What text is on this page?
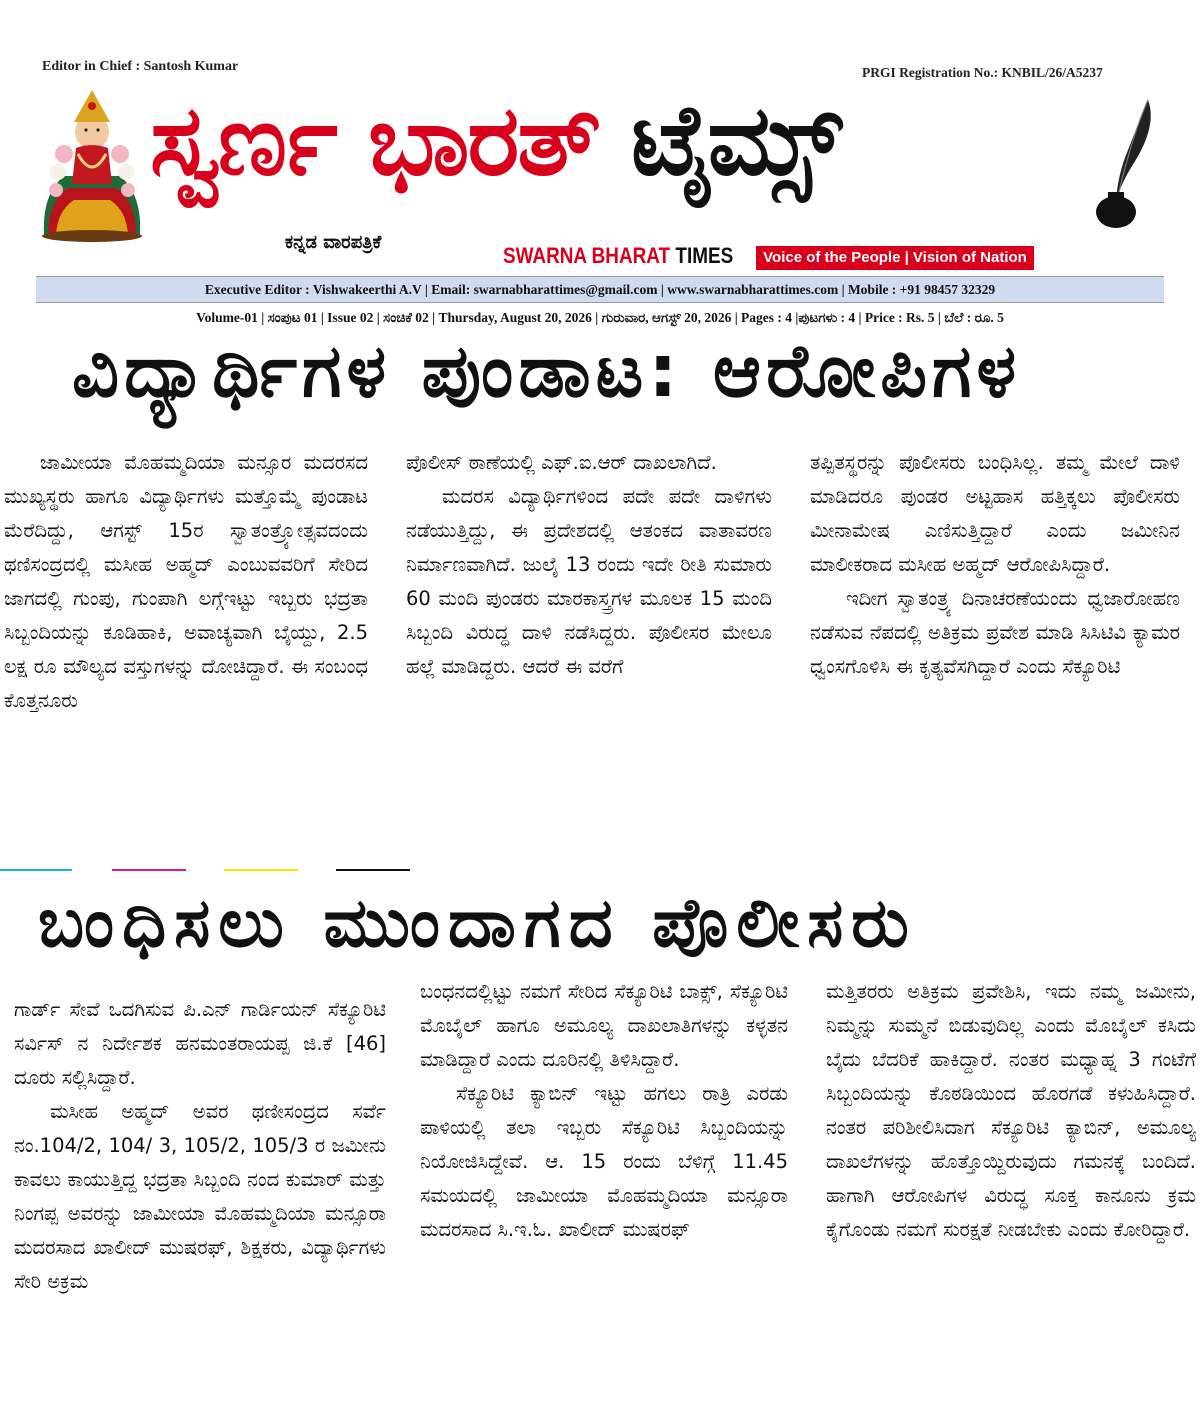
Editor in Chief : Santosh Kumar	PRGI Registration No.: KNBIL/26/A5237
ಸ್ವರ್ಣ ಭಾರತ್ ಟೈಮ್ಸ್
ಕನ್ನಡ ವಾರಪತ್ರಿಕೆ
SWARNA BHARAT TIMES	Voice of the People | Vision of Nation
Executive Editor : Vishwakeerthi A.V | Email: swarnabharattimes@gmail.com | www.swarnabharattimes.com | Mobile : +91 98457 32329
Volume-01 | ಸಂಪುಟ 01 | Issue 02 | ಸಂಚಿಕೆ 02 | Thursday, August 20, 2026 | ಗುರುವಾರ, ಆಗಸ್ಟ್ 20, 2026 | Pages : 4 |ಪುಟಗಳು : 4 | Price : Rs. 5 | ಬೆಲೆ : ರೂ. 5
ವಿದ್ಯಾರ್ಥಿಗಳ ಪುಂಡಾಟ: ಆರೋಪಿಗಳ

ಜಾಮೀಯಾ ಮೊಹಮ್ಮದಿಯಾ ಮನ್ಸೂರ ಮದರಸದ ಮುಖ್ಯಸ್ಥರು ಹಾಗೂ ವಿದ್ಯಾರ್ಥಿಗಳು ಮತ್ತೊಮ್ಮೆ ಪುಂಡಾಟ ಮೆರೆದಿದ್ದು, ಆಗಸ್ಟ್ 15ರ ಸ್ವಾತಂತ್ರ್ಯೋತ್ಸವದಂದು ಥಣಿಸಂದ್ರದಲ್ಲಿ ಮಸೀಹ ಅಹ್ಮದ್ ಎಂಬುವವರಿಗೆ ಸೇರಿದ ಜಾಗದಲ್ಲಿ ಗುಂಪು, ಗುಂಪಾಗಿ ಲಗ್ಗೆಇಟ್ಟು ಇಬ್ಬರು ಭದ್ರತಾ ಸಿಬ್ಬಂದಿಯನ್ನು ಕೂಡಿಹಾಕಿ, ಅವಾಚ್ಯವಾಗಿ ಬೈಯ್ದು, 2.5 ಲಕ್ಷ ರೂ ಮೌಲ್ಯದ ವಸ್ತುಗಳನ್ನು ದೋಚಿದ್ದಾರೆ. ಈ ಸಂಬಂಧ ಕೊತ್ತನೂರು

ಪೊಲೀಸ್ ಠಾಣೆಯಲ್ಲಿ ಎಫ್.ಐ.ಆರ್ ದಾಖಲಾಗಿದೆ.

ಮದರಸ ವಿದ್ಯಾರ್ಥಿಗಳಿಂದ ಪದೇ ಪದೇ ದಾಳಿಗಳು ನಡೆಯುತ್ತಿದ್ದು, ಈ ಪ್ರದೇಶದಲ್ಲಿ ಆತಂಕದ ವಾತಾವರಣ ನಿರ್ಮಾಣವಾಗಿದೆ. ಜುಲೈ 13 ರಂದು ಇದೇ ರೀತಿ ಸುಮಾರು 60 ಮಂದಿ ಪುಂಡರು ಮಾರಕಾಸ್ತ್ರಗಳ ಮೂಲಕ 15 ಮಂದಿ ಸಿಬ್ಬಂದಿ ವಿರುದ್ಧ ದಾಳಿ ನಡೆಸಿದ್ದರು. ಪೊಲೀಸರ ಮೇಲೂ ಹಲ್ಲೆ ಮಾಡಿದ್ದರು. ಆದರೆ ಈ ವರೆಗೆ

ತಪ್ಪಿತಸ್ಥರನ್ನು ಪೊಲೀಸರು ಬಂಧಿಸಿಲ್ಲ. ತಮ್ಮ ಮೇಲೆ ದಾಳಿ ಮಾಡಿದರೂ ಪುಂಡರ ಅಟ್ಟಹಾಸ ಹತ್ತಿಕ್ಕಲು ಪೊಲೀಸರು ಮೀನಾಮೇಷ ಎಣಿಸುತ್ತಿದ್ದಾರೆ ಎಂದು ಜಮೀನಿನ ಮಾಲೀಕರಾದ ಮಸೀಹ ಅಹ್ಮದ್ ಆರೋಪಿಸಿದ್ದಾರೆ.

ಇದೀಗ ಸ್ವಾತಂತ್ರ್ಯ ದಿನಾಚರಣೆಯಂದು ಧ್ವಜಾರೋಹಣ ನಡೆಸುವ ನೆಪದಲ್ಲಿ ಅತಿಕ್ರಮ ಪ್ರವೇಶ ಮಾಡಿ ಸಿಸಿಟಿವಿ ಕ್ಯಾಮರ ಧ್ವಂಸಗೊಳಿಸಿ ಈ ಕೃತ್ಯವೆಸಗಿದ್ದಾರೆ ಎಂದು ಸೆಕ್ಯೂರಿಟಿ

ಬಂಧಿಸಲು ಮುಂದಾಗದ ಪೊಲೀಸರು

ಗಾರ್ಡ್ ಸೇವೆ ಒದಗಿಸುವ ಪಿ.ಎನ್ ಗಾರ್ಡಿಯನ್ ಸೆಕ್ಯೂರಿಟಿ ಸರ್ವಿಸ್ ನ ನಿರ್ದೇಶಕ ಹನಮಂತರಾಯಪ್ಪ ಜಿ.ಕೆ [46] ದೂರು ಸಲ್ಲಿಸಿದ್ದಾರೆ.

ಮಸೀಹ ಅಹ್ಮದ್ ಅವರ ಥಣೀಸಂದ್ರದ ಸರ್ವೆ ನಂ.104/2, 104/ 3, 105/2, 105/3 ರ ಜಮೀನು ಕಾವಲು ಕಾಯುತ್ತಿದ್ದ ಭದ್ರತಾ ಸಿಬ್ಬಂದಿ ನಂದ ಕುಮಾರ್ ಮತ್ತು ನಿಂಗಪ್ಪ ಅವರನ್ನು ಜಾಮೀಯಾ ಮೊಹಮ್ಮದಿಯಾ ಮನ್ಸೂರಾ ಮದರಸಾದ ಖಾಲೀದ್ ಮುಷರಫ್, ಶಿಕ್ಷಕರು, ವಿದ್ಯಾರ್ಥಿಗಳು ಸೇರಿ ಅಕ್ರಮ

ಬಂಧನದಲ್ಲಿಟ್ಟು ನಮಗೆ ಸೇರಿದ ಸೆಕ್ಯೂರಿಟಿ ಬಾಕ್ಸ್, ಸೆಕ್ಯೂರಿಟಿ ಮೊಬೈಲ್ ಹಾಗೂ ಅಮೂಲ್ಯ ದಾಖಲಾತಿಗಳನ್ನು ಕಳ್ಳತನ ಮಾಡಿದ್ದಾರೆ ಎಂದು ದೂರಿನಲ್ಲಿ ತಿಳಿಸಿದ್ದಾರೆ.

ಸೆಕ್ಯೂರಿಟಿ ಕ್ಯಾಬಿನ್ ಇಟ್ಟು ಹಗಲು ರಾತ್ರಿ ಎರಡು ಪಾಳಿಯಲ್ಲಿ ತಲಾ ಇಬ್ಬರು ಸೆಕ್ಯೂರಿಟಿ ಸಿಬ್ಬಂದಿಯನ್ನು ನಿಯೋಜಿಸಿದ್ದೇವೆ. ಆ. 15 ರಂದು ಬೆಳಿಗ್ಗೆ 11.45 ಸಮಯದಲ್ಲಿ ಜಾಮೀಯಾ ಮೊಹಮ್ಮದಿಯಾ ಮನ್ಸೂರಾ ಮದರಸಾದ ಸಿ.ಇ.ಓ. ಖಾಲೀದ್ ಮುಷರಫ್

ಮತ್ತಿತರರು ಅತಿಕ್ರಮ ಪ್ರವೇಶಿಸಿ, ಇದು ನಮ್ಮ ಜಮೀನು, ನಿಮ್ಮನ್ನು ಸುಮ್ಮನೆ ಬಿಡುವುದಿಲ್ಲ ಎಂದು ಮೊಬೈಲ್ ಕಸಿದು ಬೈದು ಬೆದರಿಕೆ ಹಾಕಿದ್ದಾರೆ. ನಂತರ ಮಧ್ಯಾಹ್ನ 3 ಗಂಟೆಗೆ ಸಿಬ್ಬಂದಿಯನ್ನು ಕೊಠಡಿಯಿಂದ ಹೊರಗಡೆ ಕಳುಹಿಸಿದ್ದಾರೆ. ನಂತರ ಪರಿಶೀಲಿಸಿದಾಗ ಸೆಕ್ಯೂರಿಟಿ ಕ್ಯಾಬಿನ್, ಅಮೂಲ್ಯ ದಾಖಲೆಗಳನ್ನು ಹೊತ್ತೊಯ್ದಿರುವುದು ಗಮನಕ್ಕೆ ಬಂದಿದೆ. ಹಾಗಾಗಿ ಆರೋಪಿಗಳ ವಿರುದ್ಧ ಸೂಕ್ತ ಕಾನೂನು ಕ್ರಮ ಕೈಗೊಂಡು ನಮಗೆ ಸುರಕ್ಷತೆ ನೀಡಬೇಕು ಎಂದು ಕೋರಿದ್ದಾರೆ.
